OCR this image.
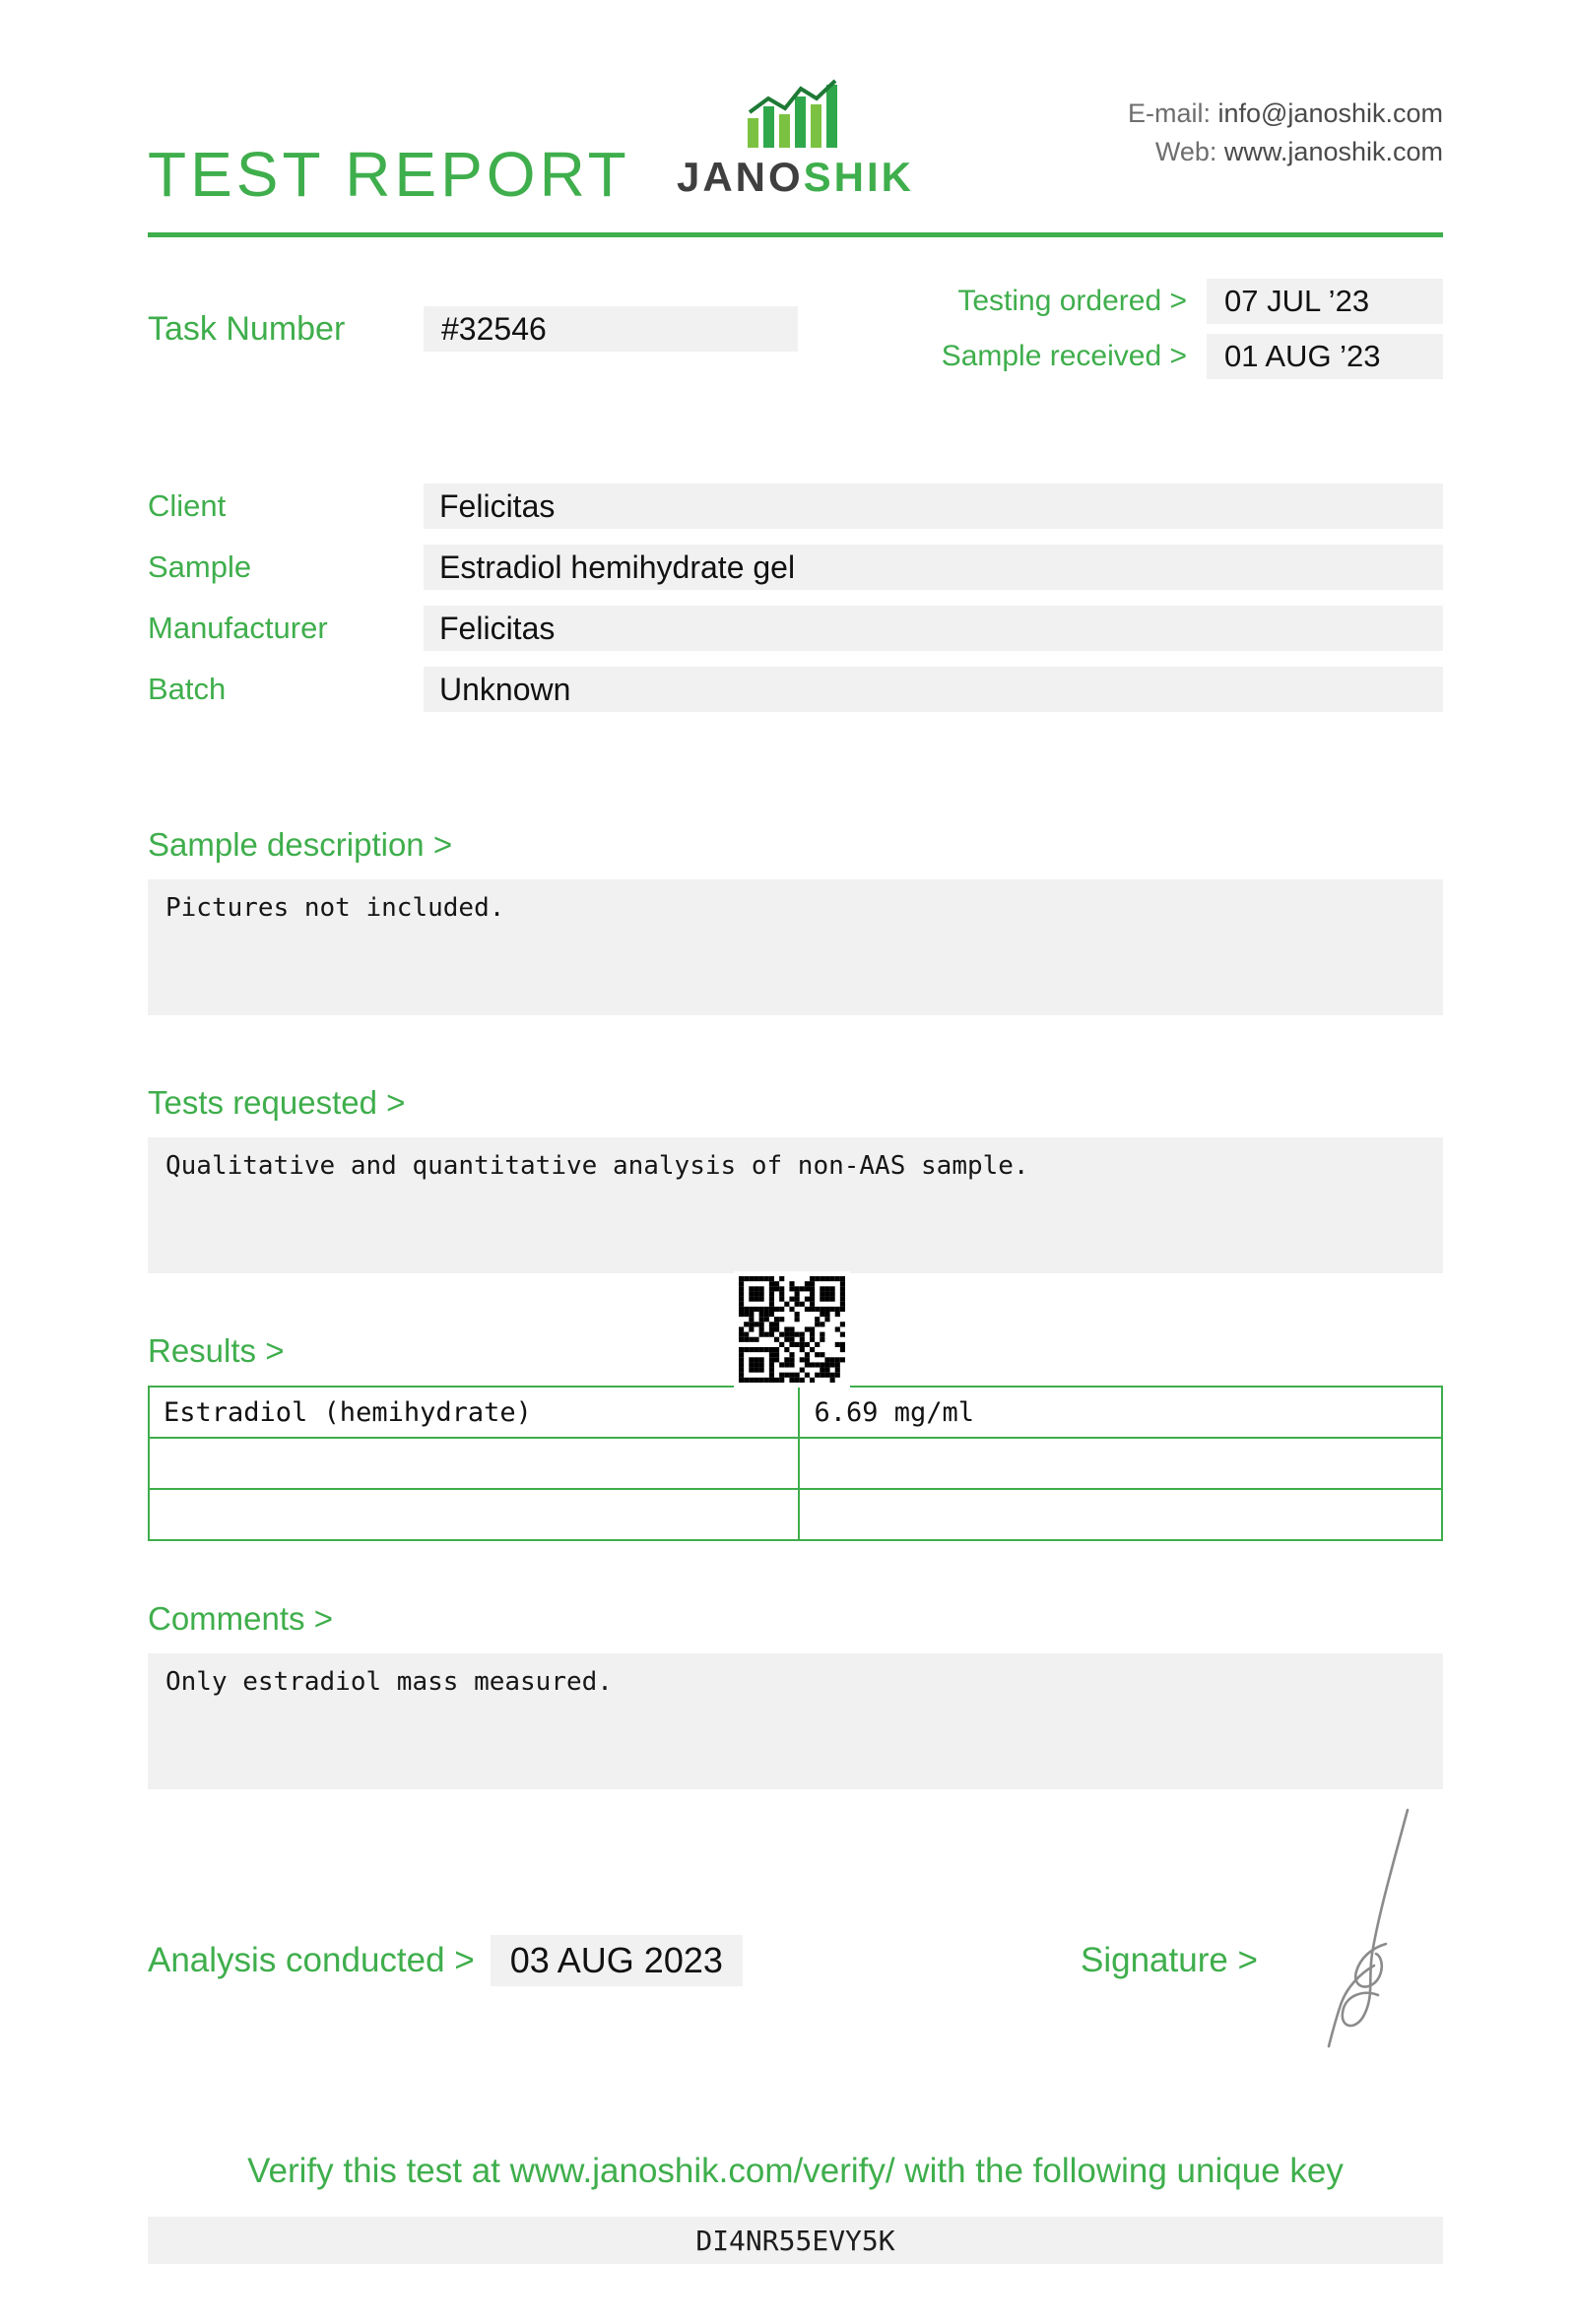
TEST REPORT	JANOSHIK
E-mail: info@janoshik.com
Web: www.janoshik.com
Task Number	#32546
Testing ordered >	07 JUL ’23
Sample received >	01 AUG ’23
Client	Felicitas
Sample	Estradiol hemihydrate gel
Manufacturer	Felicitas
Batch	Unknown
Sample description >

Pictures not included.

Tests requested >

Qualitative and quantitative analysis of non-AAS sample.

Results >
Estradiol (hemihydrate)	6.69 mg/ml

Comments >

Only estradiol mass measured.

Analysis conducted >	03 AUG 2023	Signature >
Verify this test at www.janoshik.com/verify/ with the following unique key
DI4NR55EVY5K
